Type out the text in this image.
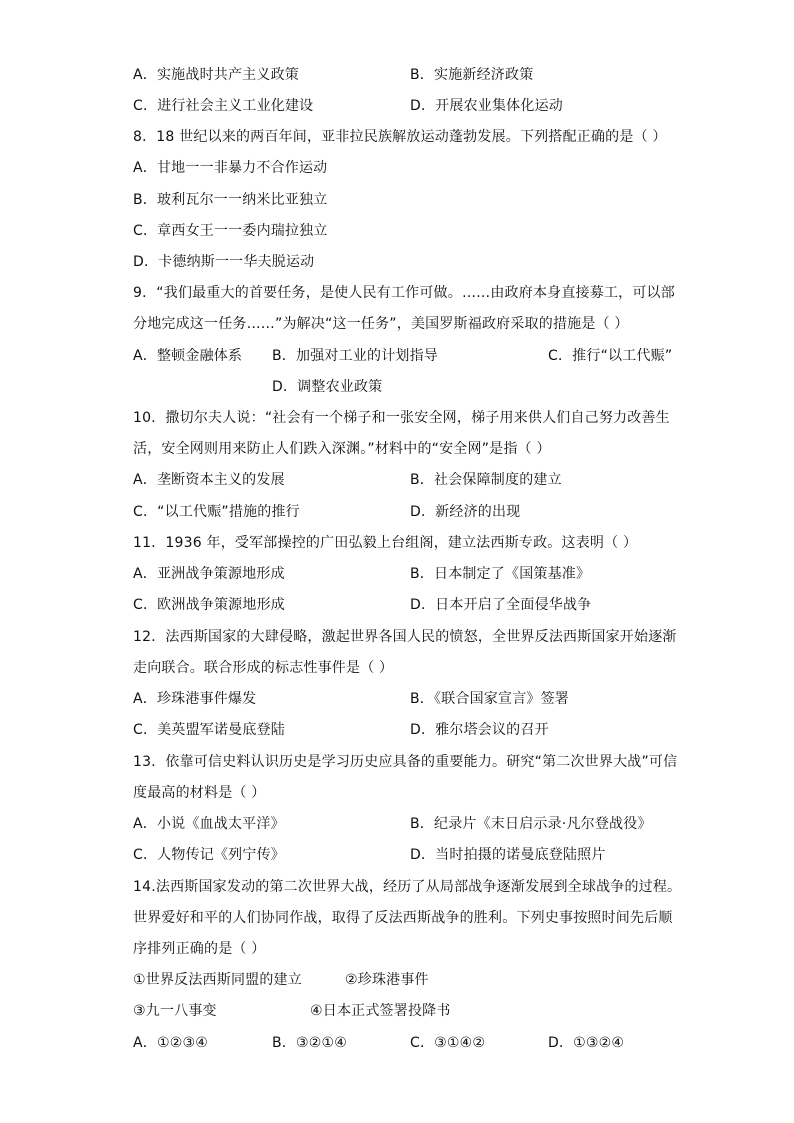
A．实施战时共产主义政策	B．实施新经济政策
C．进行社会主义工业化建设	D．开展农业集体化运动
8．18 世纪以来的两百年间，亚非拉民族解放运动蓬勃发展。下列搭配正确的是（ ）
A．甘地一一非暴力不合作运动
B．玻利瓦尔一一纳米比亚独立
C．章西女王一一委内瑞拉独立
D．卡德纳斯一一华夫脱运动
9．“我们最重大的首要任务，是使人民有工作可做。……由政府本身直接募工，可以部
分地完成这一任务……”为解决“这一任务”，美国罗斯福政府采取的措施是（ ）
A．整顿金融体系 B．加强对工业的计划指导	C．推行“以工代赈”
D．调整农业政策
10．撒切尔夫人说：“社会有一个梯子和一张安全网，梯子用来供人们自己努力改善生
活，安全网则用来防止人们跌入深渊。”材料中的“安全网”是指（ ）
A．垄断资本主义的发展	B．社会保障制度的建立
C．“以工代赈”措施的推行	D．新经济的出现
11．1936 年，受军部操控的广田弘毅上台组阁，建立法西斯专政。这表明（ ）
A．亚洲战争策源地形成	B．日本制定了《国策基准》
C．欧洲战争策源地形成	D．日本开启了全面侵华战争
12．法西斯国家的大肆侵略，激起世界各国人民的愤怒，全世界反法西斯国家开始逐渐
走向联合。联合形成的标志性事件是（ ）
A．珍珠港事件爆发	B．《联合国家宣言》签署
C．美英盟军诺曼底登陆	D．雅尔塔会议的召开
13．依靠可信史料认识历史是学习历史应具备的重要能力。研究“第二次世界大战”可信
度最高的材料是（ ）
A．小说《血战太平洋》	B．纪录片《末日启示录·凡尔登战役》
C．人物传记《列宁传》	D．当时拍摄的诺曼底登陆照片
14.法西斯国家发动的第二次世界大战，经历了从局部战争逐渐发展到全球战争的过程。
世界爱好和平的人们协同作战，取得了反法西斯战争的胜利。下列史事按照时间先后顺
序排列正确的是（ ）
①世界反法西斯同盟的建立	②珍珠港事件
③九一八事变	④日本正式签署投降书
A．①②③④	B．③②①④	C．③①④②	D．①③②④
